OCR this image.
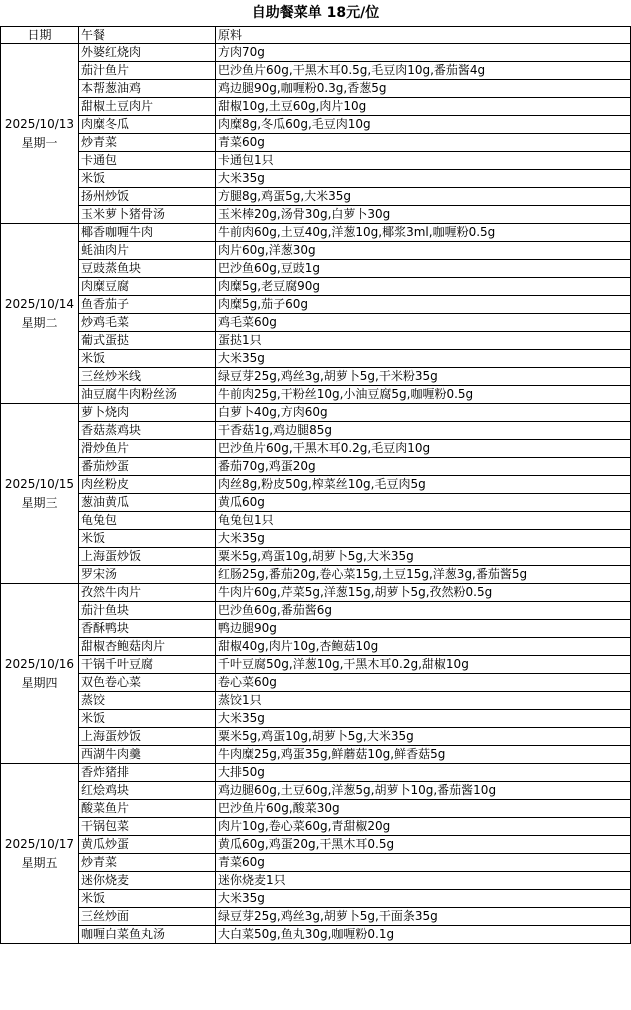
自助餐菜单 18元/位
日期	午餐	原料

2025/10/13
星期一	外婆红烧肉	方肉70g
	茄汁鱼片	巴沙鱼片60g,干黑木耳0.5g,毛豆肉10g,番茄酱4g
	本帮葱油鸡	鸡边腿90g,咖喱粉0.3g,香葱5g
	甜椒土豆肉片	甜椒10g,土豆60g,肉片10g
	肉糜冬瓜	肉糜8g,冬瓜60g,毛豆肉10g
	炒青菜	青菜60g
	卡通包	卡通包1只
	米饭	大米35g
	扬州炒饭	方腿8g,鸡蛋5g,大米35g
	玉米萝卜猪骨汤	玉米棒20g,汤骨30g,白萝卜30g

2025/10/14
星期二	椰香咖喱牛肉	牛前肉60g,土豆40g,洋葱10g,椰浆3ml,咖喱粉0.5g
	蚝油肉片	肉片60g,洋葱30g
	豆豉蒸鱼块	巴沙鱼60g,豆豉1g
	肉糜豆腐	肉糜5g,老豆腐90g
	鱼香茄子	肉糜5g,茄子60g
	炒鸡毛菜	鸡毛菜60g
	葡式蛋挞	蛋挞1只
	米饭	大米35g
	三丝炒米线	绿豆芽25g,鸡丝3g,胡萝卜5g,干米粉35g
	油豆腐牛肉粉丝汤	牛前肉25g,干粉丝10g,小油豆腐5g,咖喱粉0.5g

2025/10/15
星期三	萝卜烧肉	白萝卜40g,方肉60g
	香菇蒸鸡块	干香菇1g,鸡边腿85g
	滑炒鱼片	巴沙鱼片60g,干黑木耳0.2g,毛豆肉10g
	番茄炒蛋	番茄70g,鸡蛋20g
	肉丝粉皮	肉丝8g,粉皮50g,榨菜丝10g,毛豆肉5g
	葱油黄瓜	黄瓜60g
	龟兔包	龟兔包1只
	米饭	大米35g
	上海蛋炒饭	粟米5g,鸡蛋10g,胡萝卜5g,大米35g
	罗宋汤	红肠25g,番茄20g,卷心菜15g,土豆15g,洋葱3g,番茄酱5g

2025/10/16
星期四	孜然牛肉片	牛肉片60g,芹菜5g,洋葱15g,胡萝卜5g,孜然粉0.5g
	茄汁鱼块	巴沙鱼60g,番茄酱6g
	香酥鸭块	鸭边腿90g
	甜椒杏鲍菇肉片	甜椒40g,肉片10g,杏鲍菇10g
	干锅千叶豆腐	千叶豆腐50g,洋葱10g,干黑木耳0.2g,甜椒10g
	双色卷心菜	卷心菜60g
	蒸饺	蒸饺1只
	米饭	大米35g
	上海蛋炒饭	粟米5g,鸡蛋10g,胡萝卜5g,大米35g
	西湖牛肉羹	牛肉糜25g,鸡蛋35g,鲜蘑菇10g,鲜香菇5g

2025/10/17
星期五	香炸猪排	大排50g
	红烩鸡块	鸡边腿60g,土豆60g,洋葱5g,胡萝卜10g,番茄酱10g
	酸菜鱼片	巴沙鱼片60g,酸菜30g
	干锅包菜	肉片10g,卷心菜60g,青甜椒20g
	黄瓜炒蛋	黄瓜60g,鸡蛋20g,干黑木耳0.5g
	炒青菜	青菜60g
	迷你烧麦	迷你烧麦1只
	米饭	大米35g
	三丝炒面	绿豆芽25g,鸡丝3g,胡萝卜5g,干面条35g
	咖喱白菜鱼丸汤	大白菜50g,鱼丸30g,咖喱粉0.1g
